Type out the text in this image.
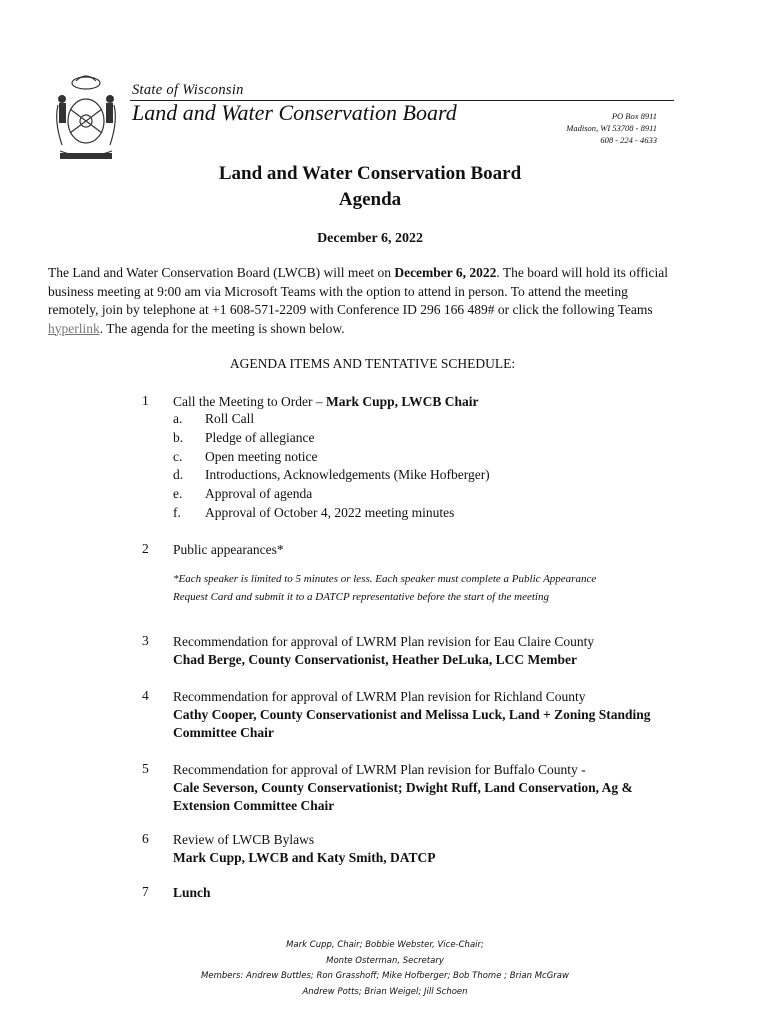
State of Wisconsin
Land and Water Conservation Board	PO Box 8911
Madison, WI 53708 - 8911
608 - 224 - 4633
Land and Water Conservation Board
Agenda
December 6, 2022
The Land and Water Conservation Board (LWCB) will meet on December 6, 2022. The board will hold its official
business meeting at 9:00 am via Microsoft Teams with the option to attend in person. To attend the meeting
remotely, join by telephone at +1 608-571-2209 with Conference ID 296 166 489# or click the following Teams
hyperlink. The agenda for the meeting is shown below.
AGENDA ITEMS AND TENTATIVE SCHEDULE:
1 Call the Meeting to Order – Mark Cupp, LWCB Chair
a. Roll Call
b. Pledge of allegiance
c. Open meeting notice
d. Introductions, Acknowledgements (Mike Hofberger)
e. Approval of agenda
f. Approval of October 4, 2022 meeting minutes
2 Public appearances*
*Each speaker is limited to 5 minutes or less. Each speaker must complete a Public Appearance
Request Card and submit it to a DATCP representative before the start of the meeting
3 Recommendation for approval of LWRM Plan revision for Eau Claire County
Chad Berge, County Conservationist, Heather DeLuka, LCC Member
4 Recommendation for approval of LWRM Plan revision for Richland County
Cathy Cooper, County Conservationist and Melissa Luck, Land + Zoning Standing
Committee Chair
5 Recommendation for approval of LWRM Plan revision for Buffalo County -
Cale Severson, County Conservationist; Dwight Ruff, Land Conservation, Ag &
Extension Committee Chair
6 Review of LWCB Bylaws
Mark Cupp, LWCB and Katy Smith, DATCP
7 Lunch
Mark Cupp, Chair; Bobbie Webster, Vice-Chair;
Monte Osterman, Secretary
Members: Andrew Buttles; Ron Grasshoff; Mike Hofberger; Bob Thome ; Brian McGraw
Andrew Potts; Brian Weigel; Jill Schoen
